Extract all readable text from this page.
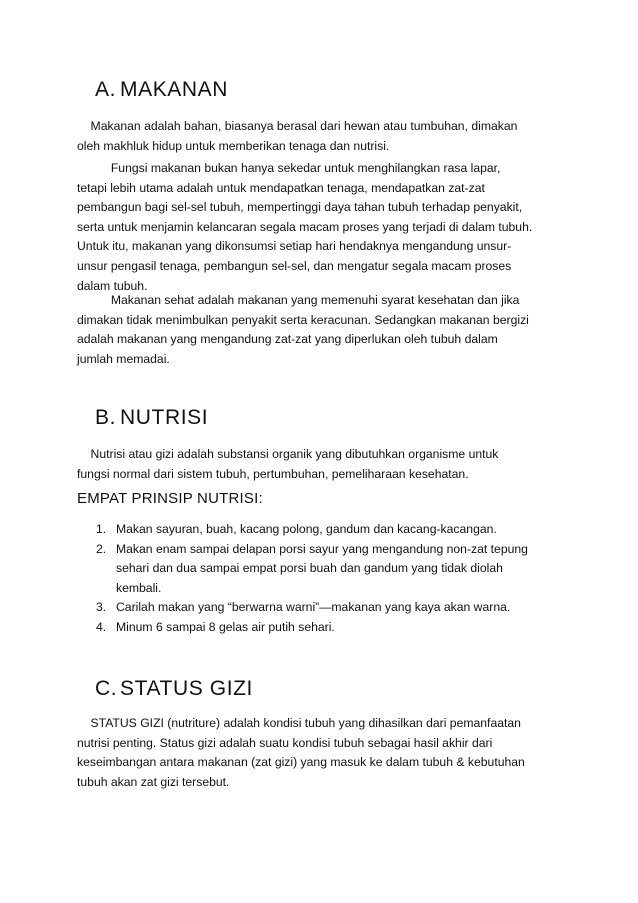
A. MAKANAN
Makanan adalah bahan, biasanya berasal dari hewan atau tumbuhan, dimakan
oleh makhluk hidup untuk memberikan tenaga dan nutrisi.
Fungsi makanan bukan hanya sekedar untuk menghilangkan rasa lapar,
tetapi lebih utama adalah untuk mendapatkan tenaga, mendapatkan zat-zat
pembangun bagi sel-sel tubuh, mempertinggi daya tahan tubuh terhadap penyakit,
serta untuk menjamin kelancaran segala macam proses yang terjadi di dalam tubuh.
Untuk itu, makanan yang dikonsumsi setiap hari hendaknya mengandung unsur-
unsur pengasil tenaga, pembangun sel-sel, dan mengatur segala macam proses
dalam tubuh.
Makanan sehat adalah makanan yang memenuhi syarat kesehatan dan jika
dimakan tidak menimbulkan penyakit serta keracunan. Sedangkan makanan bergizi
adalah makanan yang mengandung zat-zat yang diperlukan oleh tubuh dalam
jumlah memadai.
B. NUTRISI
Nutrisi atau gizi adalah substansi organik yang dibutuhkan organisme untuk
fungsi normal dari sistem tubuh, pertumbuhan, pemeliharaan kesehatan.
EMPAT PRINSIP NUTRISI:
1. Makan sayuran, buah, kacang polong, gandum dan kacang-kacangan.
2. Makan enam sampai delapan porsi sayur yang mengandung non-zat tepung
sehari dan dua sampai empat porsi buah dan gandum yang tidak diolah
kembali.
3. Carilah makan yang “berwarna warni”—makanan yang kaya akan warna.
4. Minum 6 sampai 8 gelas air putih sehari.
C. STATUS GIZI
STATUS GIZI (nutriture) adalah kondisi tubuh yang dihasilkan dari pemanfaatan
nutrisi penting. Status gizi adalah suatu kondisi tubuh sebagai hasil akhir dari
keseimbangan antara makanan (zat gizi) yang masuk ke dalam tubuh & kebutuhan
tubuh akan zat gizi tersebut.
